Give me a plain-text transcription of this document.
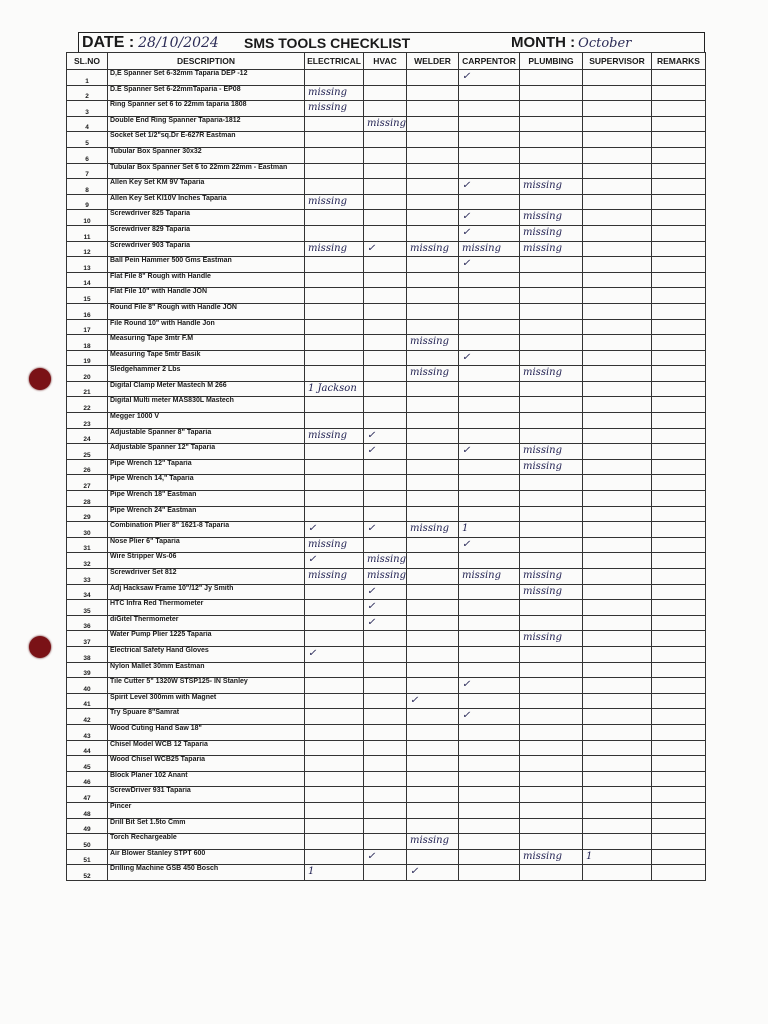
DATE : 28/10/2024 SMS TOOLS CHECKLIST	MONTH : October
SL.NO	DESCRIPTION	ELECTRICAL	HVAC	WELDER	CARPENTOR	PLUMBING	SUPERVISOR	REMARKS
1	D,E Spanner Set 6-32mm Taparia DEP -12				✓			
2	D.E Spanner Set 6-22mmTaparia - EP08	missing						
3	Ring Spanner set 6 to 22mm taparia 1808	missing						
4	Double End Ring Spanner Taparia-1812		missing					
5	Socket Set 1/2"sq.Dr E-627R Eastman							
6	Tubular Box Spanner 30x32							
7	Tubular Box Spanner Set 6 to 22mm 22mm - Eastman							
8	Allen Key Set KM 9V Taparia				✓	missing		
9	Allen Key Set KI10V Inches Taparia	missing						
10	Screwdriver 825 Taparia				✓	missing		
11	Screwdriver 829 Taparia				✓	missing		
12	Screwdriver 903 Taparia	missing	✓	missing	missing	missing		
13	Ball Pein Hammer 500 Gms Eastman				✓			
14	Flat File 8" Rough with Handle							
15	Flat File 10" with Handle JON							
16	Round File 8" Rough with Handle JON							
17	File Round 10" with Handle Jon							
18	Measuring Tape 3mtr F.M			missing				
19	Measuring Tape 5mtr Basik				✓			
20	Sledgehammer 2 Lbs			missing		missing		
21	Digital Clamp Meter Mastech M 266	1 Jackson						
22	Digital Multi meter MAS830L Mastech							
23	Megger 1000 V							
24	Adjustable Spanner 8" Taparia	missing	✓					
25	Adjustable Spanner 12" Taparia		✓		✓	missing		
26	Pipe Wrench 12" Taparia					missing		
27	Pipe Wrench 14," Taparia							
28	Pipe Wrench 18" Eastman							
29	Pipe Wrench 24" Eastman							
30	Combination Plier 8" 1621-8 Taparia	✓	✓	missing	1			
31	Nose Plier 6" Taparia	missing			✓			
32	Wire Stripper Ws-06	✓	missing					
33	Screwdriver Set 812	missing	missing		missing	missing		
34	Adj Hacksaw Frame 10"/12" Jy Smith		✓			missing		
35	HTC Infra Red Thermometer		✓					
36	diGitel Thermometer		✓					
37	Water Pump Plier 1225 Taparia					missing		
38	Electrical Safety Hand Gloves	✓						
39	Nylon Mallet 30mm Eastman							
40	Tile Cutter 5" 1320W STSP125- IN Stanley				✓			
41	Spirit Level 300mm with Magnet			✓				
42	Try Spuare 8"Samrat				✓			
43	Wood Cuting Hand Saw 18"							
44	Chisel Model WCB 12 Taparia							
45	Wood Chisel WCB25 Taparia							
46	Block Planer 102 Anant							
47	ScrewDriver 931 Taparia							
48	Pincer							
49	Drill Bit Set 1.5to Cmm							
50	Torch Rechargeable			missing				
51	Air Blower Stanley STPT 600		✓			missing	1	
52	Drilling Machine GSB 450 Bosch	1		✓				
